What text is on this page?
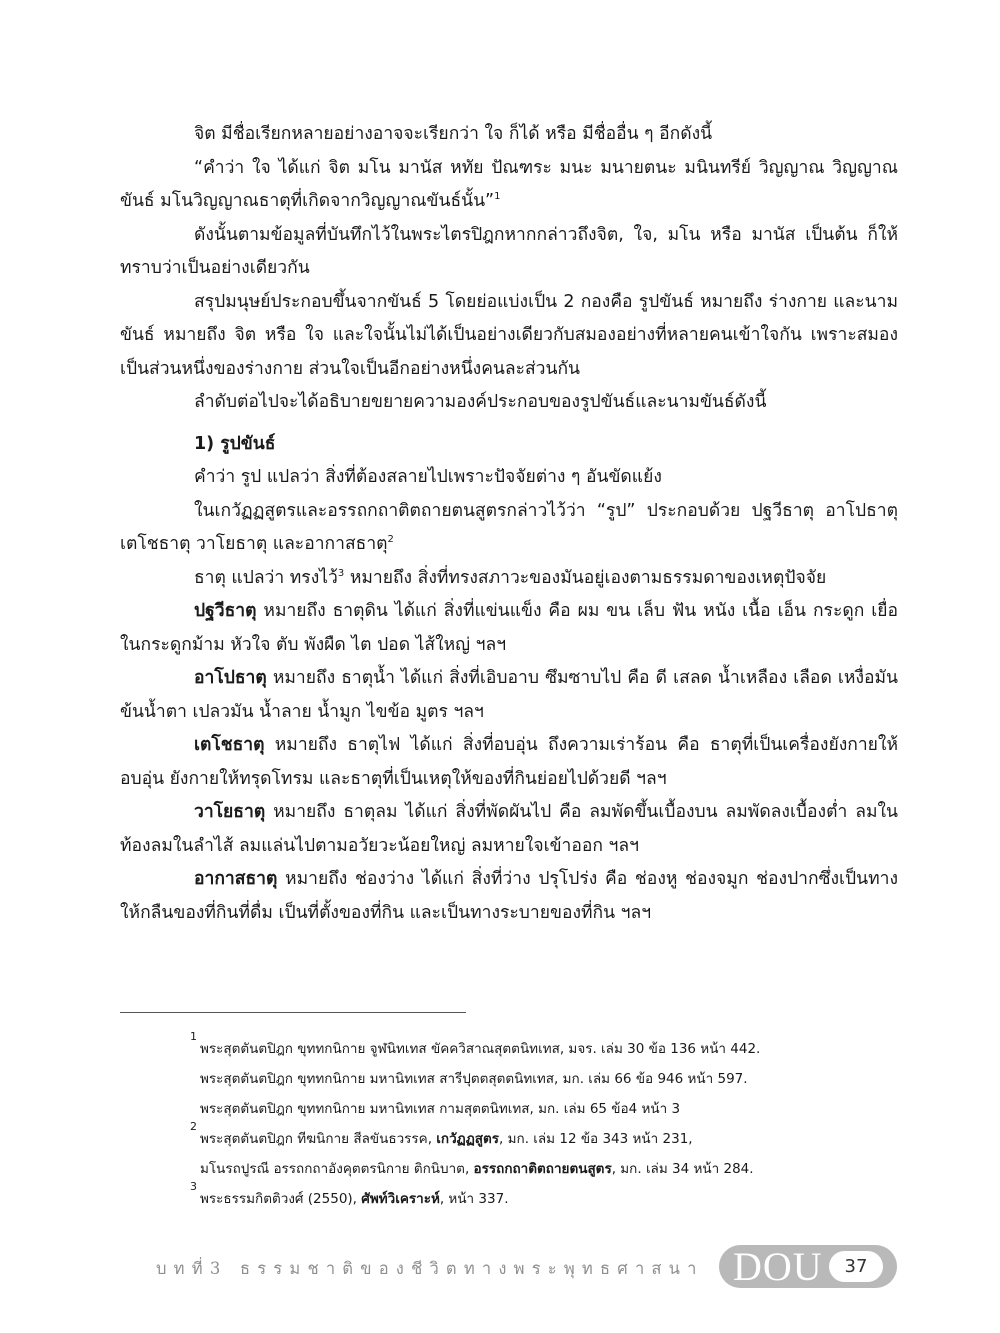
จิต มีชื่อเรียกหลายอย่างอาจจะเรียกว่า ใจ ก็ได้ หรือ มีชื่ออื่น ๆ อีกดังนี้

“คำว่า ใจ ได้แก่ จิต มโน มานัส หทัย ปัณฑระ มนะ มนายตนะ มนินทรีย์ วิญญาณ วิญญาณขันธ์ มโนวิญญาณธาตุที่เกิดจากวิญญาณขันธ์นั้น”$^1$

ดังนั้นตามข้อมูลที่บันทึกไว้ในพระไตรปิฎกหากกล่าวถึงจิต, ใจ, มโน หรือ มานัส เป็นต้น ก็ให้ทราบว่าเป็นอย่างเดียวกัน

สรุปมนุษย์ประกอบขึ้นจากขันธ์ 5 โดยย่อแบ่งเป็น 2 กองคือ รูปขันธ์ หมายถึง ร่างกาย และนามขันธ์ หมายถึง จิต หรือ ใจ และใจนั้นไม่ได้เป็นอย่างเดียวกับสมองอย่างที่หลายคนเข้าใจกัน เพราะสมองเป็นส่วนหนึ่งของร่างกาย ส่วนใจเป็นอีกอย่างหนึ่งคนละส่วนกัน

ลำดับต่อไปจะได้อธิบายขยายความองค์ประกอบของรูปขันธ์และนามขันธ์ดังนี้

1) รูปขันธ์

คำว่า รูป แปลว่า สิ่งที่ต้องสลายไปเพราะปัจจัยต่าง ๆ อันขัดแย้ง

ในเกวัฏฏสูตรและอรรถกถาติตถายตนสูตรกล่าวไว้ว่า “รูป” ประกอบด้วย ปฐวีธาตุ อาโปธาตุ เตโชธาตุ วาโยธาตุ และอากาสธาตุ$^2$

ธาตุ แปลว่า ทรงไว้$^3$ หมายถึง สิ่งที่ทรงสภาวะของมันอยู่เองตามธรรมดาของเหตุปัจจัย

ปฐวีธาตุ หมายถึง ธาตุดิน ได้แก่ สิ่งที่แข่นแข็ง คือ ผม ขน เล็บ ฟัน หนัง เนื้อ เอ็น กระดูก เยื่อในกระดูกม้าม หัวใจ ตับ พังผืด ไต ปอด ไส้ใหญ่ ฯลฯ

อาโปธาตุ หมายถึง ธาตุน้ำ ได้แก่ สิ่งที่เอิบอาบ ซึมซาบไป คือ ดี เสลด น้ำเหลือง เลือด เหงื่อมันข้นน้ำตา เปลวมัน น้ำลาย น้ำมูก ไขข้อ มูตร ฯลฯ

เตโชธาตุ หมายถึง ธาตุไฟ ได้แก่ สิ่งที่อบอุ่น ถึงความเร่าร้อน คือ ธาตุที่เป็นเครื่องยังกายให้อบอุ่น ยังกายให้ทรุดโทรม และธาตุที่เป็นเหตุให้ของที่กินย่อยไปด้วยดี ฯลฯ

วาโยธาตุ หมายถึง ธาตุลม ได้แก่ สิ่งที่พัดผันไป คือ ลมพัดขึ้นเบื้องบน ลมพัดลงเบื้องต่ำ ลมในท้องลมในลำไส้ ลมแล่นไปตามอวัยวะน้อยใหญ่ ลมหายใจเข้าออก ฯลฯ

อากาสธาตุ หมายถึง ช่องว่าง ได้แก่ สิ่งที่ว่าง ปรุโปร่ง คือ ช่องหู ช่องจมูก ช่องปากซึ่งเป็นทางให้กลืนของที่กินที่ดื่ม เป็นที่ตั้งของที่กิน และเป็นทางระบายของที่กิน ฯลฯ

1
พระสุตตันตปิฎก ขุททกนิกาย จูฬนิทเทส ขัคควิสาณสุตตนิทเทส, มจร. เล่ม 30 ข้อ 136 หน้า 442.

พระสุตตันตปิฎก ขุททกนิกาย มหานิทเทส สารีปุตตสุตตนิทเทส, มก. เล่ม 66 ข้อ 946 หน้า 597.

พระสุตตันตปิฎก ขุททกนิกาย มหานิทเทส กามสุตตนิทเทส, มก. เล่ม 65 ข้อ4 หน้า 3

2
พระสุตตันตปิฎก ทีฆนิกาย สีลขันธวรรค, เกวัฏฏสูตร, มก. เล่ม 12 ข้อ 343 หน้า 231,

มโนรถปูรณี อรรถกถาอังคุตตรนิกาย ติกนิบาต, อรรถกถาติตถายตนสูตร, มก. เล่ม 34 หน้า 284.

3
พระธรรมกิตติวงศ์ (2550), ศัพท์วิเคราะห์, หน้า 337.

บทที่3 ธรรมชาติของชีวิตทางพระพุทธศาสนา DOU	37
